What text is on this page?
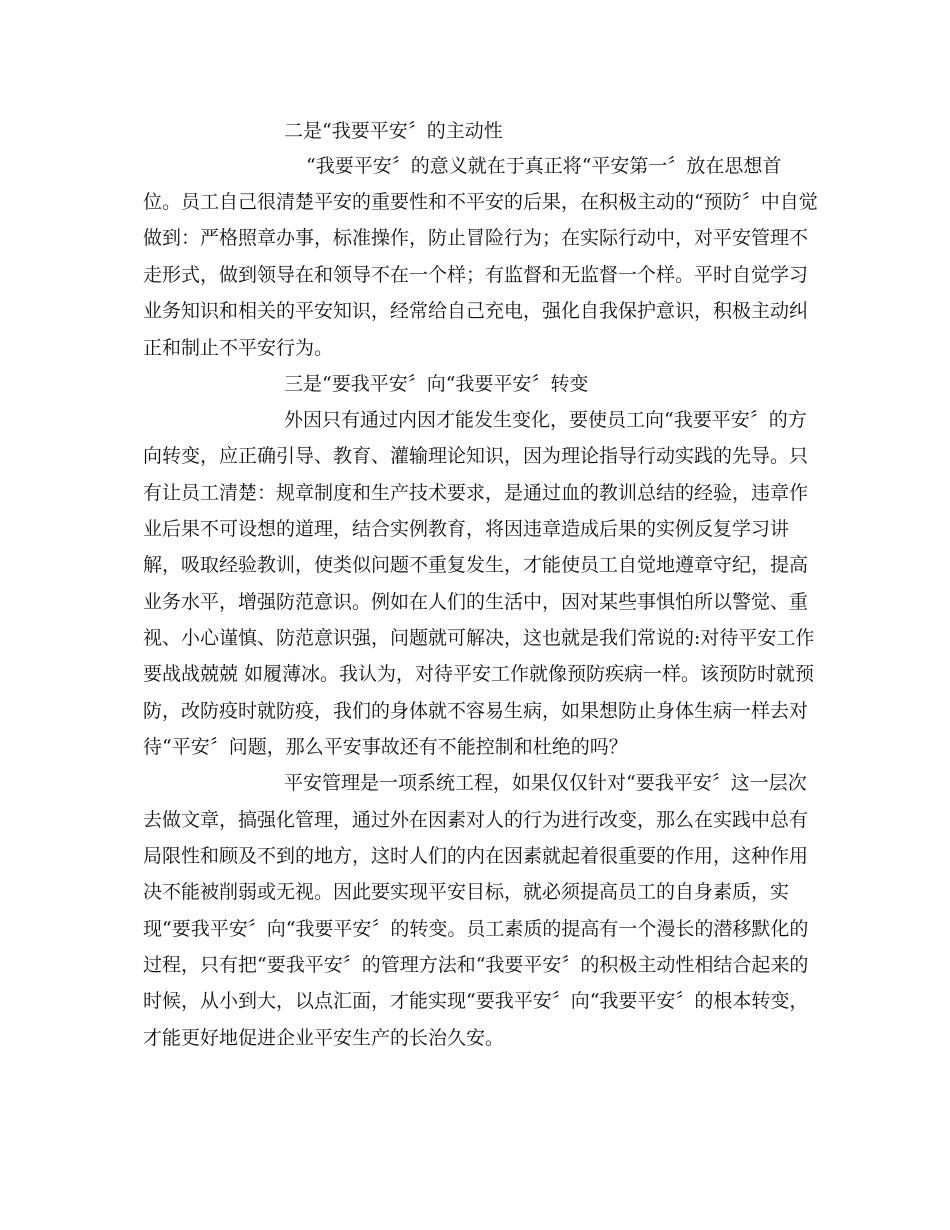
二是“我要平安〞的主动性
“我要平安〞的意义就在于真正将“平安第一〞放在思想首
位。员工自己很清楚平安的重要性和不平安的后果，在积极主动的“预防〞中自觉
做到：严格照章办事，标准操作，防止冒险行为；在实际行动中，对平安管理不
走形式，做到领导在和领导不在一个样；有监督和无监督一个样。平时自觉学习
业务知识和相关的平安知识，经常给自己充电，强化自我保护意识，积极主动纠
正和制止不平安行为。
三是“要我平安〞向“我要平安〞转变
外因只有通过内因才能发生变化，要使员工向“我要平安〞的方
向转变，应正确引导、教育、灌输理论知识，因为理论指导行动实践的先导。只
有让员工清楚：规章制度和生产技术要求，是通过血的教训总结的经验，违章作
业后果不可设想的道理，结合实例教育，将因违章造成后果的实例反复学习讲
解，吸取经验教训，使类似问题不重复发生，才能使员工自觉地遵章守纪，提高
业务水平，增强防范意识。例如在人们的生活中，因对某些事惧怕所以警觉、重
视、小心谨慎、防范意识强，问题就可解决，这也就是我们常说的:对待平安工作
要战战兢兢 如履薄冰。我认为，对待平安工作就像预防疾病一样。该预防时就预
防，改防疫时就防疫，我们的身体就不容易生病，如果想防止身体生病一样去对
待“平安〞问题，那么平安事故还有不能控制和杜绝的吗？
平安管理是一项系统工程，如果仅仅针对“要我平安〞这一层次
去做文章，搞强化管理，通过外在因素对人的行为进行改变，那么在实践中总有
局限性和顾及不到的地方，这时人们的内在因素就起着很重要的作用，这种作用
决不能被削弱或无视。因此要实现平安目标，就必须提高员工的自身素质，实
现“要我平安〞向“我要平安〞的转变。员工素质的提高有一个漫长的潜移默化的
过程，只有把“要我平安〞的管理方法和“我要平安〞的积极主动性相结合起来的
时候，从小到大，以点汇面，才能实现“要我平安〞向“我要平安〞的根本转变，
才能更好地促进企业平安生产的长治久安。
